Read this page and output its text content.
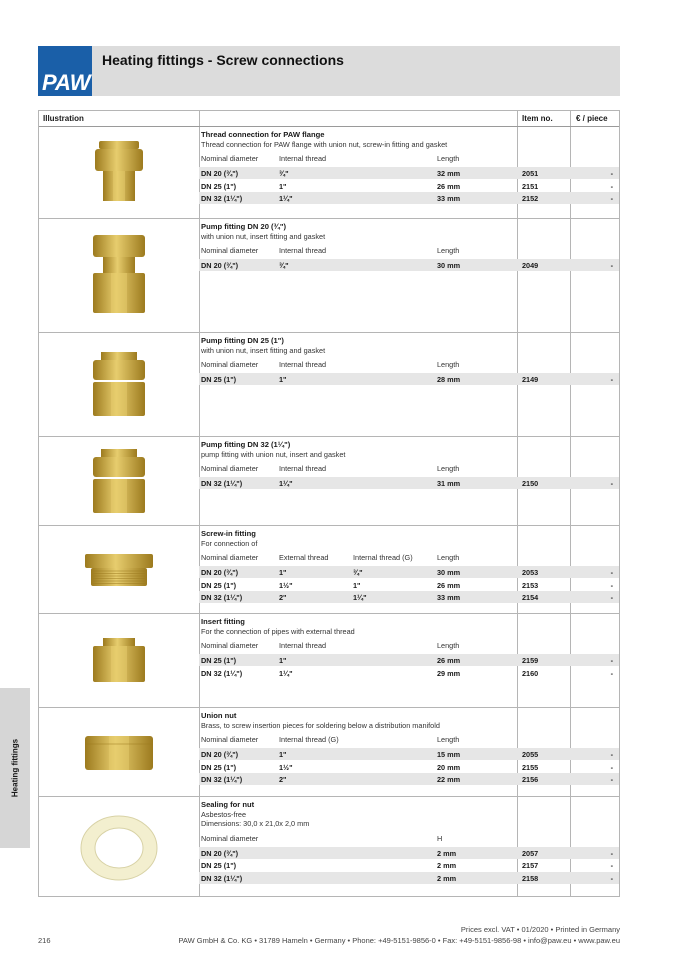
PAW
Heating fittings - Screw connections
Heating fittings
Illustration	Item no.	€ / piece
Thread connection for PAW flange
Thread connection for PAW flange with union nut, screw-in fitting and gasket
Nominal diameter	Internal thread	Length
DN 20 (¾")	¾"	32 mm	2051	-
DN 25 (1")	1"	26 mm	2151	-
DN 32 (1¼")	1¼"	33 mm	2152	-
Pump fitting DN 20 (¾")
with union nut, insert fitting and gasket
Nominal diameter	Internal thread	Length
DN 20 (¾")	¾"	30 mm	2049	-
Pump fitting DN 25 (1")
with union nut, insert fitting and gasket
Nominal diameter	Internal thread	Length
DN 25 (1")	1"	28 mm	2149	-
Pump fitting DN 32 (1¼")
pump fitting with union nut, insert and gasket
Nominal diameter	Internal thread	Length
DN 32 (1¼")	1¼"	31 mm	2150	-
Screw-in fitting
For connection of
Nominal diameter	External thread	Internal thread (G)	Length
DN 20 (¾")	1"	¾"	30 mm	2053	-
DN 25 (1")	1½"	1"	26 mm	2153	-
DN 32 (1¼")	2"	1¼"	33 mm	2154	-
Insert fitting
For the connection of pipes with external thread
Nominal diameter	Internal thread	Length
DN 25 (1")	1"	26 mm	2159	-
DN 32 (1¼")	1¼"	29 mm	2160	-
Union nut
Brass, to screw insertion pieces for soldering below a distribution manifold
Nominal diameter	Internal thread (G)	Length
DN 20 (¾")	1"	15 mm	2055	-
DN 25 (1")	1½"	20 mm	2155	-
DN 32 (1¼")	2"	22 mm	2156	-
Sealing for nut
Asbestos-free
Dimensions: 30,0 x 21,0x 2,0 mm
Nominal diameter	H
DN 20 (¾")	2 mm	2057	-
DN 25 (1")	2 mm	2157	-
DN 32 (1¼")	2 mm	2158	-
216
Prices excl. VAT • 01/2020 • Printed in Germany
PAW GmbH & Co. KG • 31789 Hameln • Germany • Phone: +49-5151-9856-0 • Fax: +49-5151-9856-98 • info@paw.eu • www.paw.eu
